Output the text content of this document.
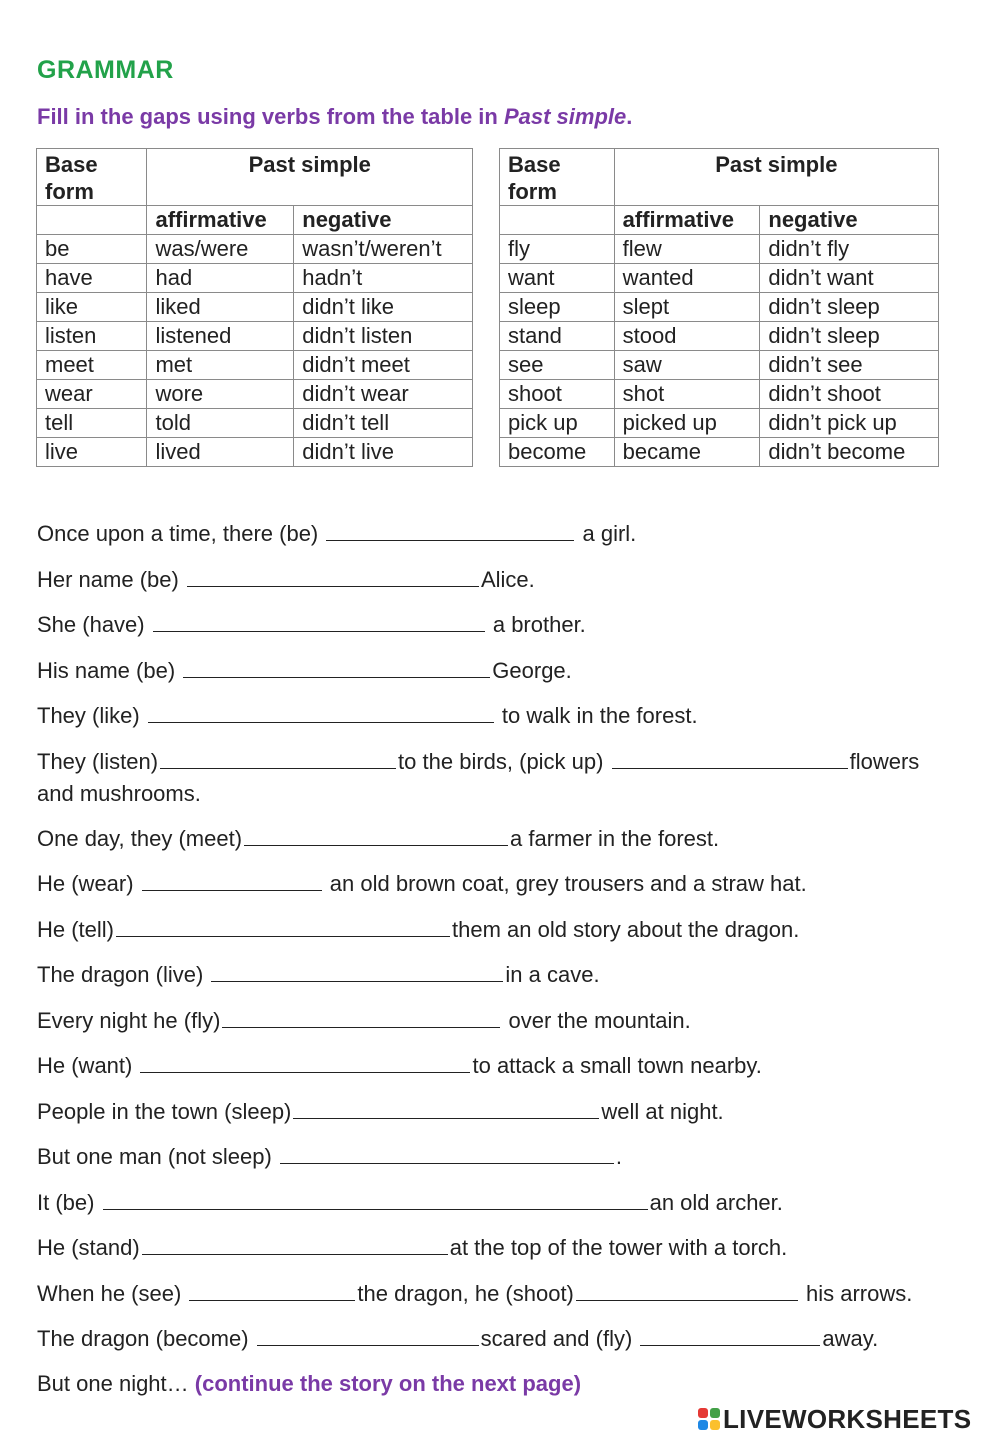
GRAMMAR
Fill in the gaps using verbs from the table in Past simple.
Base
form	Past simple	
	affirmative	negative
be	was/were	wasn’t/weren’t
have	had	hadn’t
like	liked	didn’t like
listen	listened	didn’t listen
meet	met	didn’t meet
wear	wore	didn’t wear
tell	told	didn’t tell
live	lived	didn’t live
Base
form	Past simple	
	affirmative	negative
fly	flew	didn’t fly
want	wanted	didn’t want
sleep	slept	didn’t sleep
stand	stood	didn’t sleep
see	saw	didn’t see
shoot	shot	didn’t shoot
pick up	picked up	didn’t pick up
become	became	didn’t become
Once upon a time, there (be)	a girl.
Her name (be)	Alice.
She (have)	a brother.
His name (be)	George.
They (like)	to walk in the forest.
They (listen)	to the birds, (pick up)	flowers
and mushrooms.
One day, they (meet)	a farmer in the forest.
He (wear)	an old brown coat, grey trousers and a straw hat.
He (tell)	them an old story about the dragon.
The dragon (live)	in a cave.
Every night he (fly)	over the mountain.
He (want)	to attack a small town nearby.
People in the town (sleep)	well at night.
But one man (not sleep)	.
It (be)	an old archer.
He (stand)	at the top of the tower with a torch.
When he (see)	the dragon, he (shoot)	his arrows.
The dragon (become)	scared and (fly)	away.
But one night… (continue the story on the next page)
LIVEWORKSHEETS
